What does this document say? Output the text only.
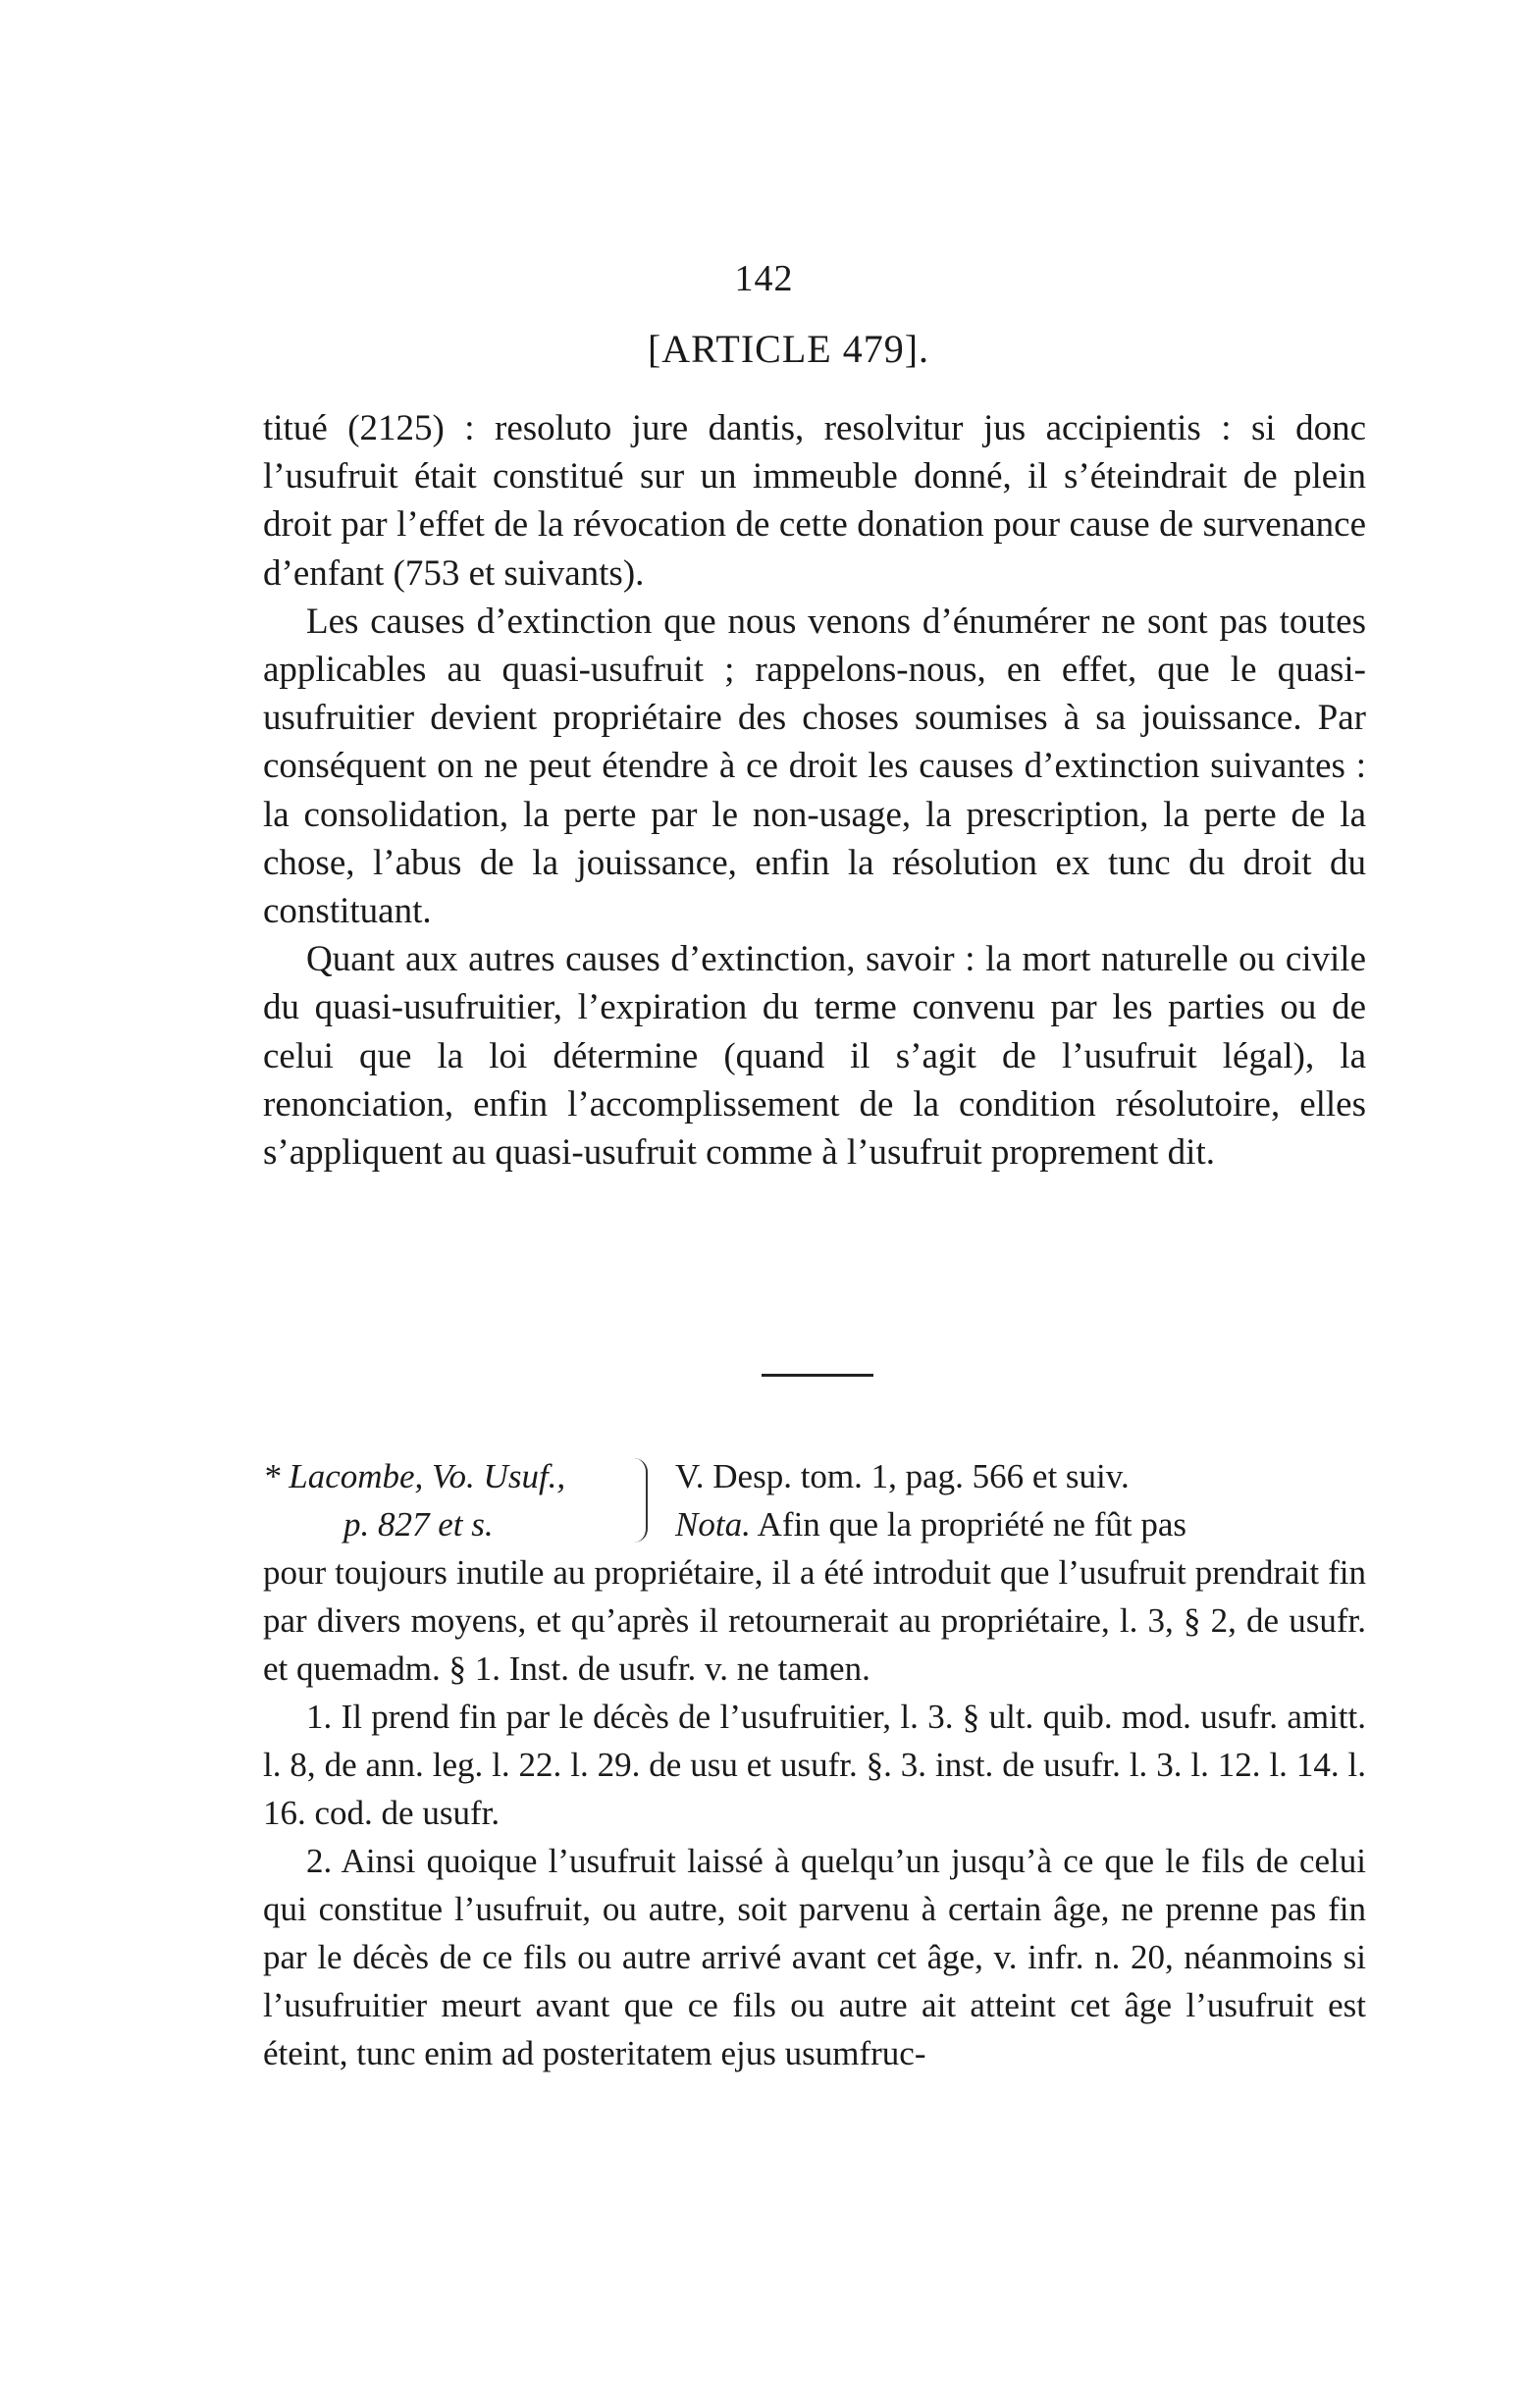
142
[ARTICLE 479].

titué (2125) : resoluto jure dantis, resolvitur jus accipientis : si donc l’usufruit était constitué sur un immeuble donné, il s’éteindrait de plein droit par l’effet de la révocation de cette donation pour cause de survenance d’enfant (753 et suivants).

Les causes d’extinction que nous venons d’énumérer ne sont pas toutes applicables au quasi-usufruit ; rappelons-nous, en effet, que le quasi-usufruitier devient propriétaire des choses soumises à sa jouissance. Par conséquent on ne peut étendre à ce droit les causes d’extinction suivantes : la consolidation, la perte par le non-usage, la prescription, la perte de la chose, l’abus de la jouissance, enfin la résolution ex tunc du droit du constituant.

Quant aux autres causes d’extinction, savoir : la mort naturelle ou civile du quasi-usufruitier, l’expiration du terme convenu par les parties ou de celui que la loi détermine (quand il s’agit de l’usufruit légal), la renonciation, enfin l’accomplissement de la condition résolutoire, elles s’appliquent au quasi-usufruit comme à l’usufruit proprement dit.

* Lacombe, Vo. Usuf.,
p. 827 et s.
V. Desp. tom. 1, pag. 566 et suiv.
Nota. Afin que la propriété ne fût pas

pour toujours inutile au propriétaire, il a été introduit que l’usufruit prendrait fin par divers moyens, et qu’après il retournerait au propriétaire, l. 3, § 2, de usufr. et quemadm. § 1. Inst. de usufr. v. ne tamen.

1. Il prend fin par le décès de l’usufruitier, l. 3. § ult. quib. mod. usufr. amitt. l. 8, de ann. leg. l. 22. l. 29. de usu et usufr. §. 3. inst. de usufr. l. 3. l. 12. l. 14. l. 16. cod. de usufr.

2. Ainsi quoique l’usufruit laissé à quelqu’un jusqu’à ce que le fils de celui qui constitue l’usufruit, ou autre, soit parvenu à certain âge, ne prenne pas fin par le décès de ce fils ou autre arrivé avant cet âge, v. infr. n. 20, néanmoins si l’usufruitier meurt avant que ce fils ou autre ait atteint cet âge l’usufruit est éteint, tunc enim ad posteritatem ejus usumfruc-
